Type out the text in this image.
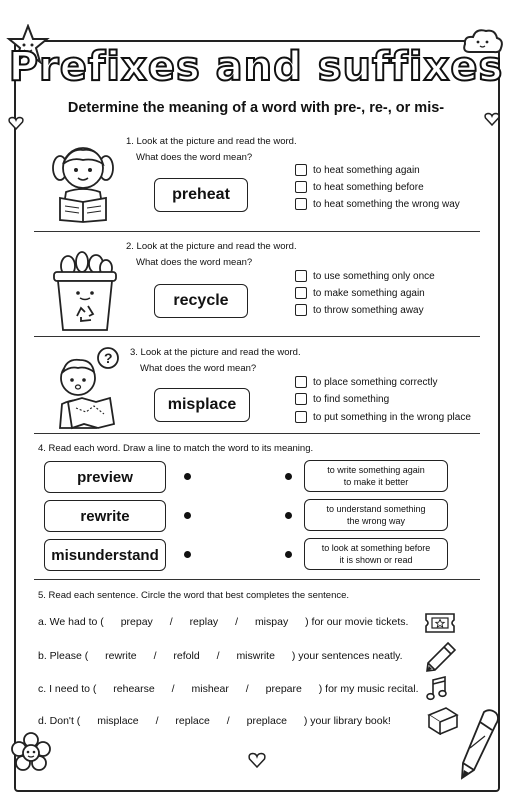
Prefixes and suffixes
Determine the meaning of a word with pre-, re-, or mis-
1. Look at the picture and read the word.
What does the word mean?
preheat
to heat something again
to heat something before
to heat something the wrong way
2. Look at the picture and read the word.
What does the word mean?
recycle
to use something only once
to make something again
to throw something away
? 3. Look at the picture and read the word.
What does the word mean?
misplace
to place something correctly
to find something
to put something in the wrong place
4. Read each word. Draw a line to match the word to its meaning.
preview
rewrite
misunderstand
to write something again
to make it better
to understand something
the wrong way
to look at something before
it is shown or read
5. Read each sentence. Circle the word that best completes the sentence.
a. We had to ( prepay / replay / mispay ) for our movie tickets.
b. Please ( rewrite / refold / miswrite ) your sentences neatly.
c. I need to ( rehearse / mishear / prepare ) for my music recital.
d. Don't ( misplace / replace / preplace ) your library book!
